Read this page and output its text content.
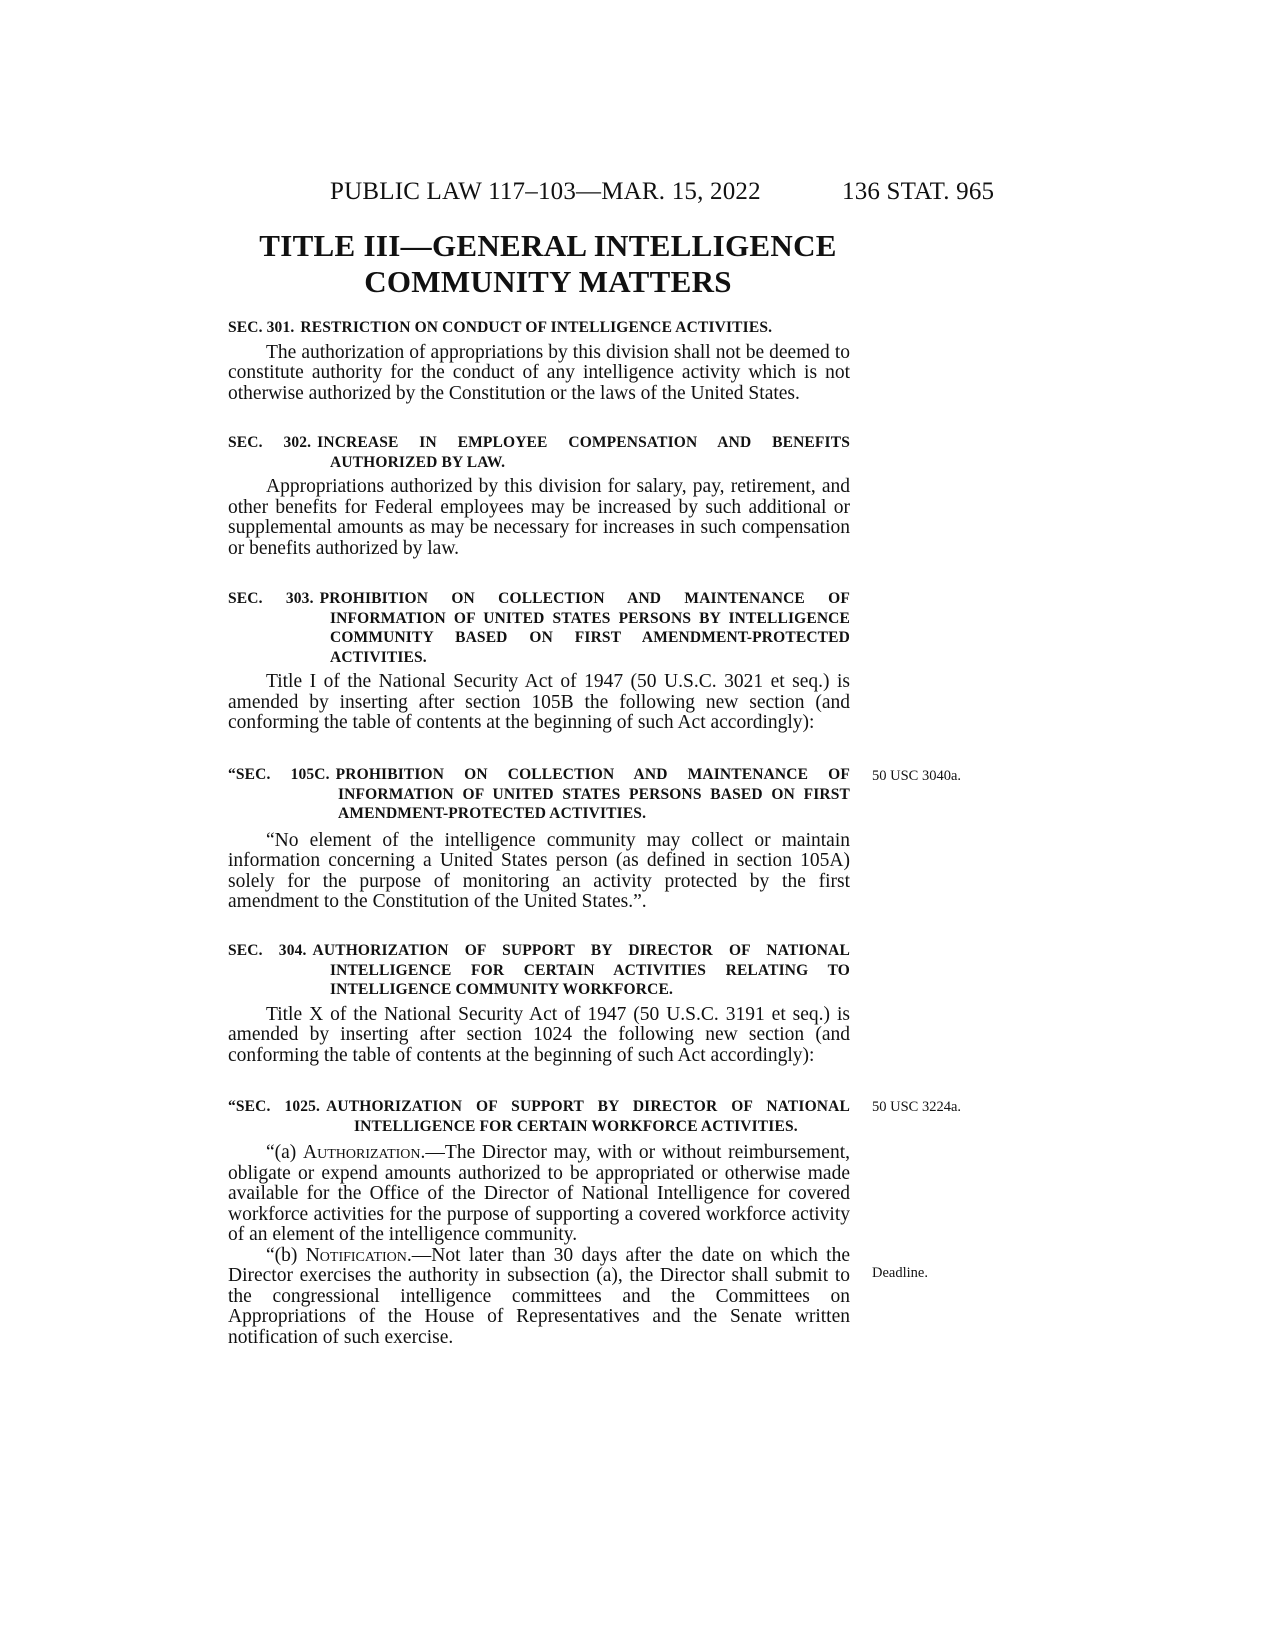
PUBLIC LAW 117–103—MAR. 15, 2022	136 STAT. 965
TITLE III—GENERAL INTELLIGENCE
COMMUNITY MATTERS
SEC. 301. RESTRICTION ON CONDUCT OF INTELLIGENCE ACTIVITIES.

The authorization of appropriations by this division shall not be deemed to constitute authority for the conduct of any intelligence activity which is not otherwise authorized by the Constitution or the laws of the United States.

SEC. 302. INCREASE IN EMPLOYEE COMPENSATION AND BENEFITS AUTHORIZED BY LAW.

Appropriations authorized by this division for salary, pay, retirement, and other benefits for Federal employees may be increased by such additional or supplemental amounts as may be necessary for increases in such compensation or benefits authorized by law.

SEC. 303. PROHIBITION ON COLLECTION AND MAINTENANCE OF INFORMATION OF UNITED STATES PERSONS BY INTELLIGENCE COMMUNITY BASED ON FIRST AMENDMENT-PROTECTED ACTIVITIES.

Title I of the National Security Act of 1947 (50 U.S.C. 3021 et seq.) is amended by inserting after section 105B the following new section (and conforming the table of contents at the beginning of such Act accordingly):

“SEC. 105C. PROHIBITION ON COLLECTION AND MAINTENANCE OF INFORMATION OF UNITED STATES PERSONS BASED ON FIRST AMENDMENT-PROTECTED ACTIVITIES.

“No element of the intelligence community may collect or maintain information concerning a United States person (as defined in section 105A) solely for the purpose of monitoring an activity protected by the first amendment to the Constitution of the United States.”.

50 USC 3040a.
SEC. 304. AUTHORIZATION OF SUPPORT BY DIRECTOR OF NATIONAL INTELLIGENCE FOR CERTAIN ACTIVITIES RELATING TO INTELLIGENCE COMMUNITY WORKFORCE.

Title X of the National Security Act of 1947 (50 U.S.C. 3191 et seq.) is amended by inserting after section 1024 the following new section (and conforming the table of contents at the beginning of such Act accordingly):

“SEC. 1025. AUTHORIZATION OF SUPPORT BY DIRECTOR OF NATIONAL INTELLIGENCE FOR CERTAIN WORKFORCE ACTIVITIES.

“(a) Authorization.—The Director may, with or without reimbursement, obligate or expend amounts authorized to be appropriated or otherwise made available for the Office of the Director of National Intelligence for covered workforce activities for the purpose of supporting a covered workforce activity of an element of the intelligence community.

“(b) Notification.—Not later than 30 days after the date on which the Director exercises the authority in subsection (a), the Director shall submit to the congressional intelligence committees and the Committees on Appropriations of the House of Representatives and the Senate written notification of such exercise.

50 USC 3224a.
Deadline.
